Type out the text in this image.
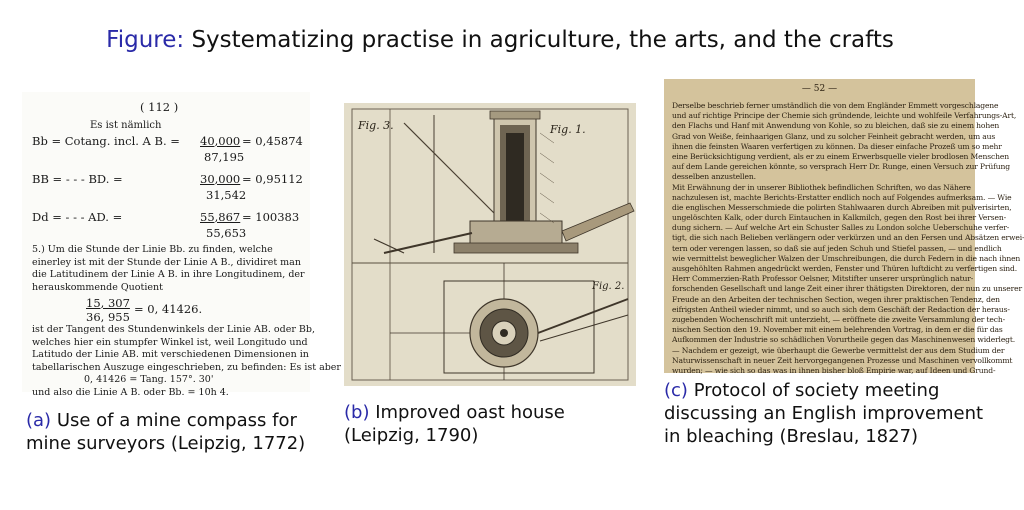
Figure: Systematizing practise in agriculture, the arts, and the crafts
( 112 )
Es ist nämlich
Bb = Cotang. incl. A B. = 40,000 = 0,45874
87,195
BB = - - - BD. =	30,000 = 0,95112
31,542
Dd = - - - AD. =	55,867 = 100383
55,653
5.) Um die Stunde der Linie Bb. zu finden, welche
einerley ist mit der Stunde der Linie A B., dividiret man
die Latitudinem der Linie A B. in ihre Longitudinem, der
herauskommende Quotient
15, 307 = 0, 41426.
36, 955
ist der Tangent des Stundenwinkels der Linie AB. oder Bb,
welches hier ein stumpfer Winkel ist, weil Longitudo und
Latitudo der Linie AB. mit verschiedenen Dimensionen in
tabellarischen Auszuge eingeschrieben, zu befinden: Es ist aber
0, 41426 = Tang. 157°. 30'
und also die Linie A B. oder Bb. = 10h 4.
Fig. 3.	Fig. 1.
Fig. 2.
— 52 —
Derselbe beschrieb ferner umständlich die von dem Engländer Emmett vorgeschlagene
und auf richtige Principe der Chemie sich gründende, leichte und wohlfeile Verfahrungs-Art,
den Flachs und Hanf mit Anwendung von Kohle, so zu bleichen, daß sie zu einem hohen
Grad von Weiße, feinhaarigen Glanz, und zu solcher Feinheit gebracht werden, um aus
ihnen die feinsten Waaren verfertigen zu können. Da dieser einfache Prozeß um so mehr
eine Berücksichtigung verdient, als er zu einem Erwerbsquelle vieler brodlosen Menschen
auf dem Lande gereichen könnte, so versprach Herr Dr. Runge, einen Versuch zur Prüfung
desselben anzustellen.
Mit Erwähnung der in unserer Bibliothek befindlichen Schriften, wo das Nähere
nachzulesen ist, machte Berichts-Erstatter endlich noch auf Folgendes aufmerksam. — Wie
die englischen Messerschmiede die polirten Stahlwaaren durch Abreiben mit pulverisirten,
ungelöschten Kalk, oder durch Eintauchen in Kalkmilch, gegen den Rost bei ihrer Versen-
dung sichern. — Auf welche Art ein Schuster Salles zu London solche Ueberschuhe verfer-
tigt, die sich nach Belieben verlängern oder verkürzen und an den Fersen und Absätzen erwei-
tern oder verengen lassen, so daß sie auf jeden Schuh und Stiefel passen, — und endlich
wie vermittelst beweglicher Walzen der Umschreibungen, die durch Federn in die nach ihnen
ausgehöhlten Rahmen angedrückt werden, Fenster und Thüren luftdicht zu verfertigen sind.
Herr Commerzien-Rath Professor Oelsner, Mitstifter unserer ursprünglich natur-
forschenden Gesellschaft und lange Zeit einer ihrer thätigsten Direktoren, der nun zu unserer
Freude an den Arbeiten der technischen Section, wegen ihrer praktischen Tendenz, den
eifrigsten Antheil wieder nimmt, und so auch sich dem Geschäft der Redaction der heraus-
zugebenden Wochenschrift mit unterzieht, — eröffnete die zweite Versammlung der tech-
nischen Section den 19. November mit einem belehrenden Vortrag, in dem er die für das
Aufkommen der Industrie so schädlichen Vorurtheile gegen das Maschinenwesen widerlegt.
— Nachdem er gezeigt, wie überhaupt die Gewerbe vermittelst der aus dem Studium der
Naturwissenschaft in neuer Zeit hervorgegangenen Prozesse und Maschinen vervollkommt
wurden; — wie sich so das was in ihnen bisher bloß Empirie war, auf Ideen und Grund-
(a) Use of a mine compass for mine surveyors (Leipzig, 1772)
(b) Improved oast house (Leipzig, 1790)
(c) Protocol of society meeting discussing an English improvement in bleaching (Breslau, 1827)
